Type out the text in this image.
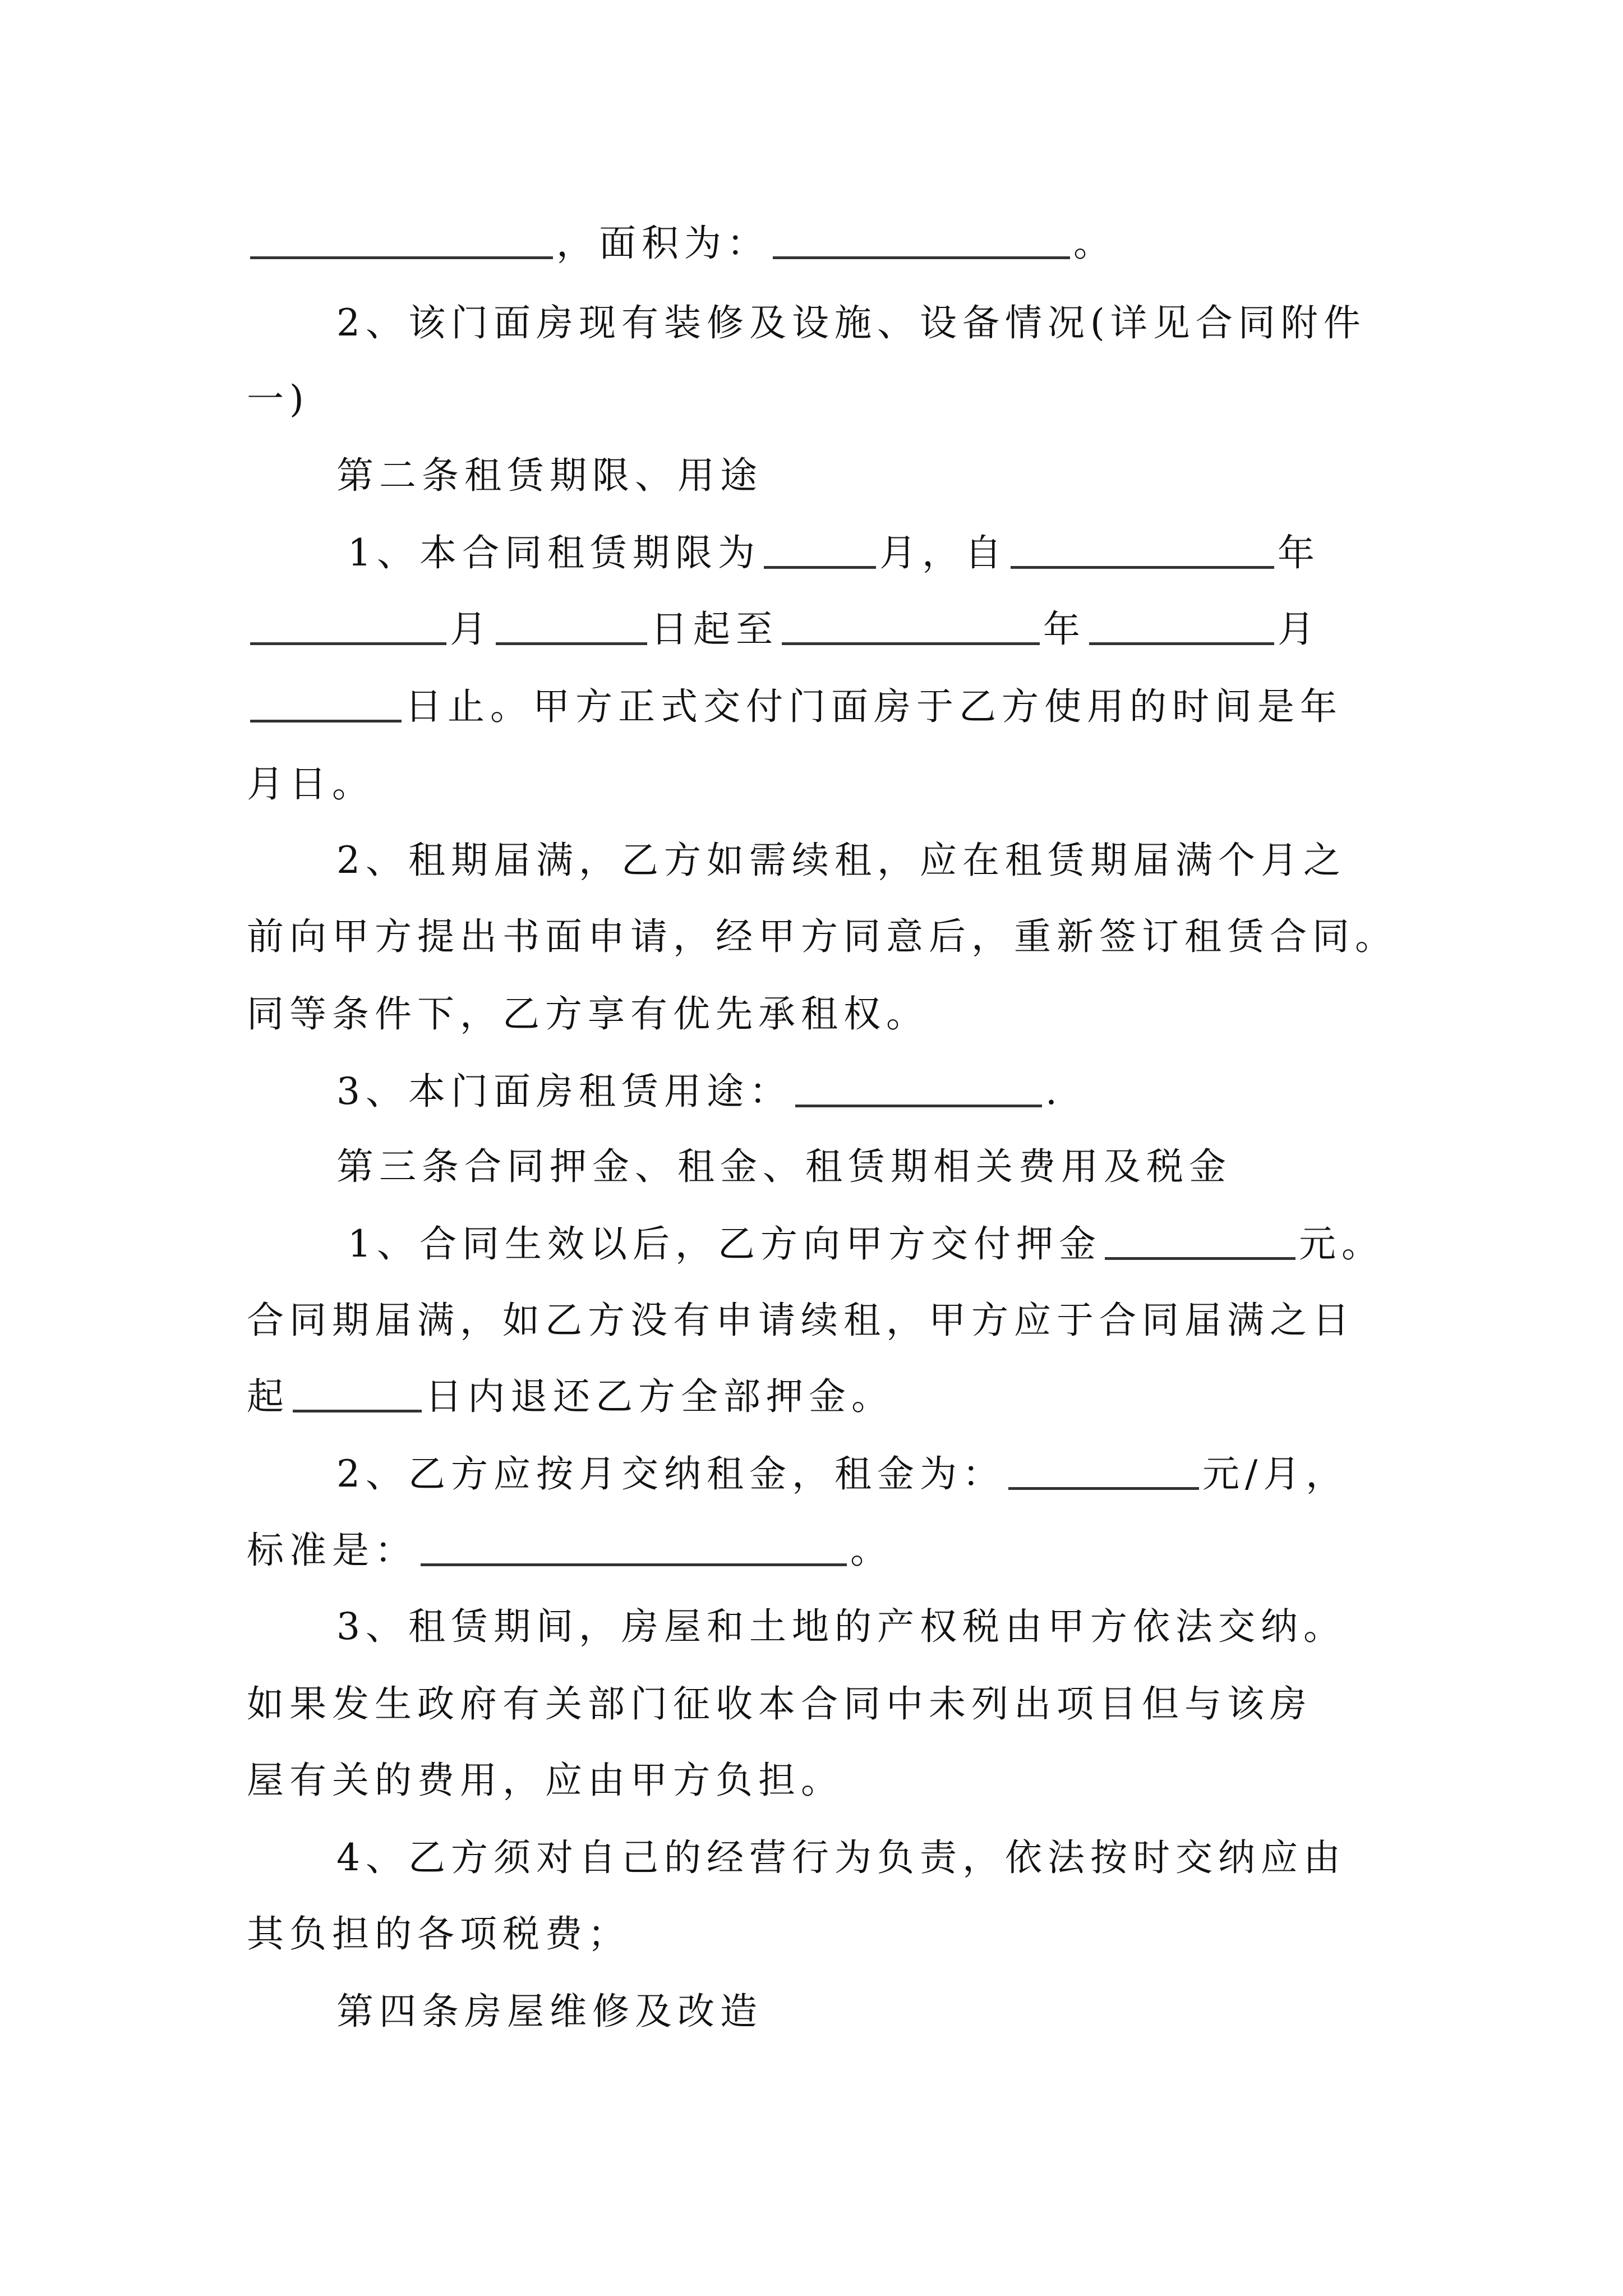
，面积为：	。
2、该门面房现有装修及设施、设备情况(详见合同附件
一)
第二条租赁期限、用途
1、本合同租赁期限为	月，自	年
月	日起至	年	月
日止。甲方正式交付门面房于乙方使用的时间是年
月日。
2、租期届满，乙方如需续租，应在租赁期届满个月之
前向甲方提出书面申请，经甲方同意后，重新签订租赁合同。
同等条件下，乙方享有优先承租权。
3、本门面房租赁用途：	.
第三条合同押金、租金、租赁期相关费用及税金
1、合同生效以后，乙方向甲方交付押金	元。
合同期届满，如乙方没有申请续租，甲方应于合同届满之日
起	日内退还乙方全部押金。
2、乙方应按月交纳租金，租金为：	元/月，
标准是：	。
3、租赁期间，房屋和土地的产权税由甲方依法交纳。
如果发生政府有关部门征收本合同中未列出项目但与该房
屋有关的费用，应由甲方负担。
4、乙方须对自己的经营行为负责，依法按时交纳应由
其负担的各项税费；
第四条房屋维修及改造
